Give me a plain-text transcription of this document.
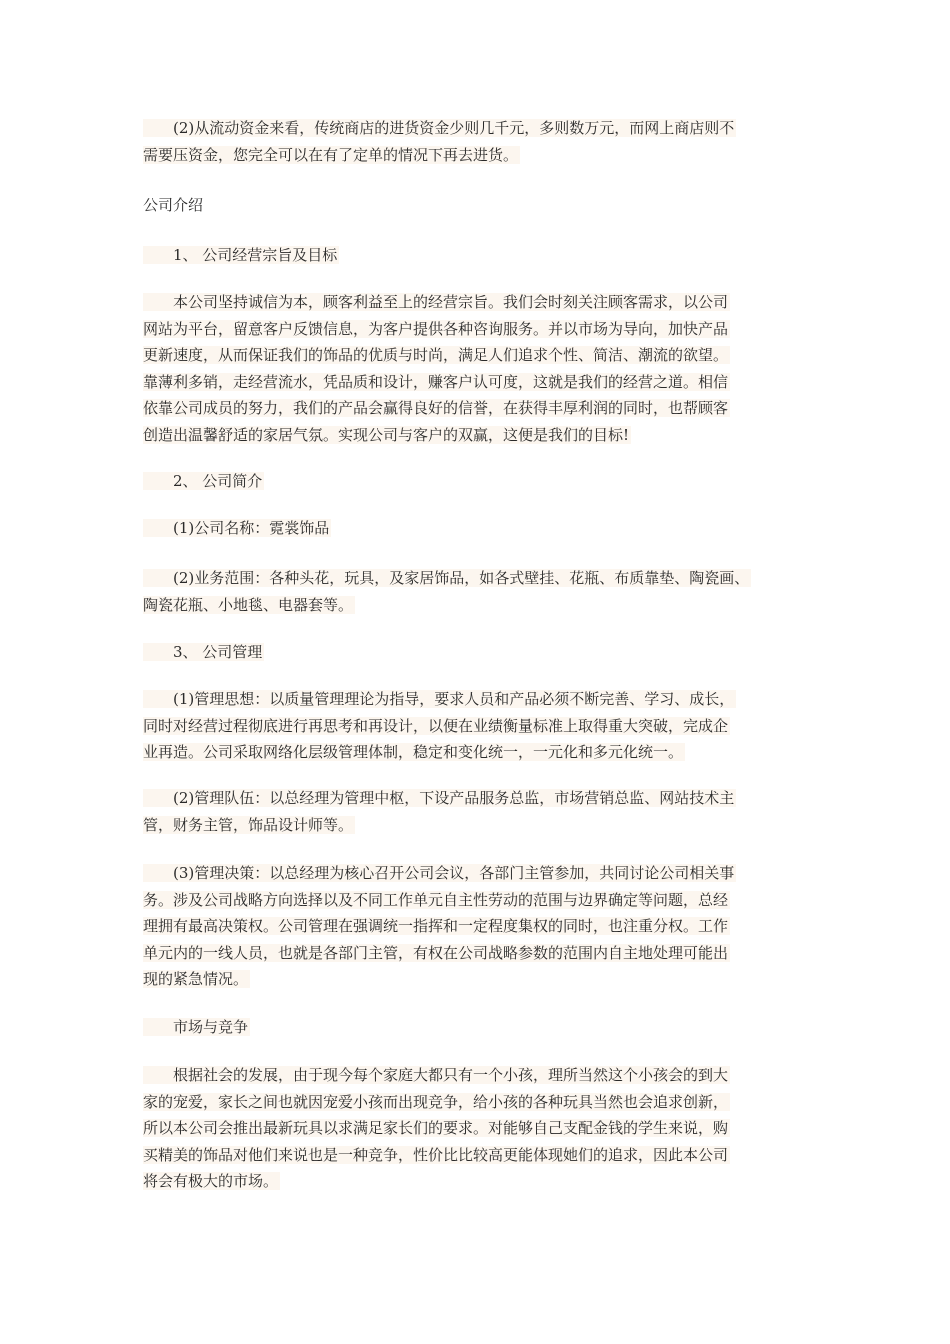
(2)从流动资金来看，传统商店的进货资金少则几千元，多则数万元，而网上商店则不
需要压资金，您完全可以在有了定单的情况下再去进货。
公司介绍
1、 公司经营宗旨及目标
本公司坚持诚信为本，顾客利益至上的经营宗旨。我们会时刻关注顾客需求，以公司
网站为平台，留意客户反馈信息，为客户提供各种咨询服务。并以市场为导向，加快产品
更新速度，从而保证我们的饰品的优质与时尚，满足人们追求个性、简洁、潮流的欲望。
靠薄利多销，走经营流水，凭品质和设计，赚客户认可度，这就是我们的经营之道。相信
依靠公司成员的努力，我们的产品会赢得良好的信誉，在获得丰厚利润的同时，也帮顾客
创造出温馨舒适的家居气氛。实现公司与客户的双赢，这便是我们的目标!
2、 公司简介
(1)公司名称：霓裳饰品
(2)业务范围：各种头花，玩具，及家居饰品，如各式壁挂、花瓶、布质靠垫、陶瓷画、
陶瓷花瓶、小地毯、电器套等。
3、 公司管理
(1)管理思想：以质量管理理论为指导，要求人员和产品必须不断完善、学习、成长，
同时对经营过程彻底进行再思考和再设计，以便在业绩衡量标准上取得重大突破，完成企
业再造。公司采取网络化层级管理体制，稳定和变化统一，一元化和多元化统一。
(2)管理队伍：以总经理为管理中枢，下设产品服务总监，市场营销总监、网站技术主
管，财务主管，饰品设计师等。
(3)管理决策：以总经理为核心召开公司会议，各部门主管参加，共同讨论公司相关事
务。涉及公司战略方向选择以及不同工作单元自主性劳动的范围与边界确定等问题，总经
理拥有最高决策权。公司管理在强调统一指挥和一定程度集权的同时，也注重分权。工作
单元内的一线人员，也就是各部门主管，有权在公司战略参数的范围内自主地处理可能出
现的紧急情况。
市场与竞争
根据社会的发展，由于现今每个家庭大都只有一个小孩，理所当然这个小孩会的到大
家的宠爱，家长之间也就因宠爱小孩而出现竞争，给小孩的各种玩具当然也会追求创新，
所以本公司会推出最新玩具以求满足家长们的要求。对能够自己支配金钱的学生来说，购
买精美的饰品对他们来说也是一种竞争，性价比比较高更能体现她们的追求，因此本公司
将会有极大的市场。
